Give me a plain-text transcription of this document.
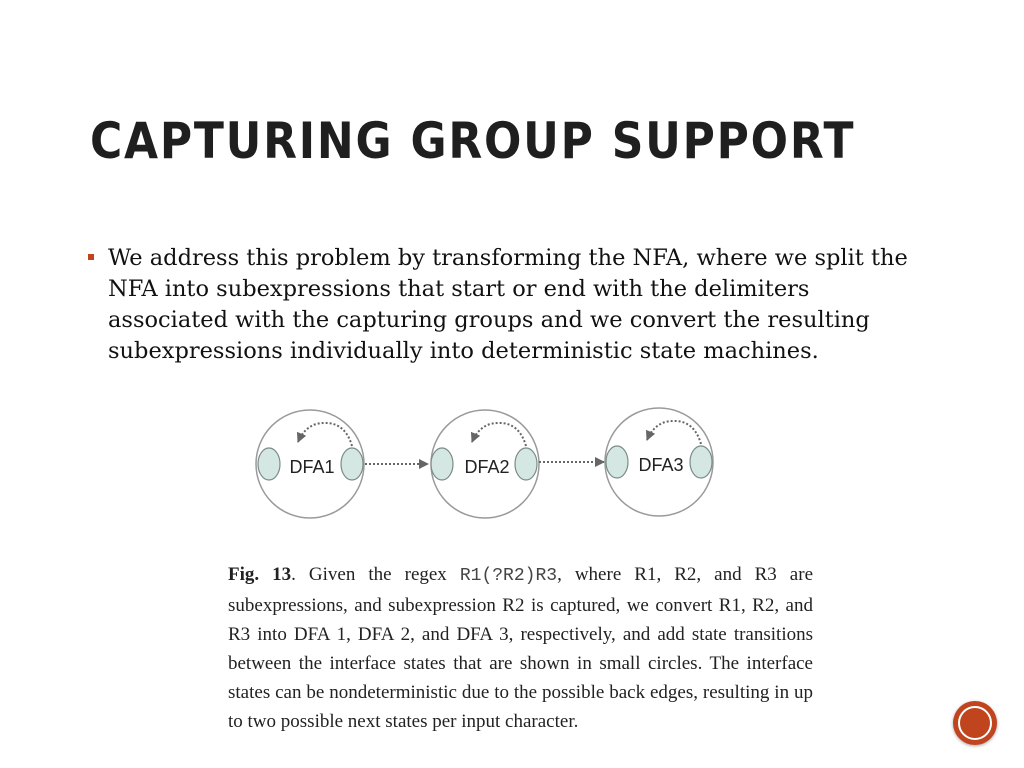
CAPTURING GROUP SUPPORT

We address this problem by transforming the NFA, where we split the NFA into subexpressions that start or end with the delimiters associated with the capturing groups and we convert the resulting subexpressions individually into deterministic state machines.

DFA1	DFA2	DFA3

Fig. 13. Given the regex R1(?R2)R3, where R1, R2, and R3 are subexpressions, and subexpression R2 is captured, we convert R1, R2, and R3 into DFA 1, DFA 2, and DFA 3, respectively, and add state transitions between the interface states that are shown in small circles. The interface states can be nondeterministic due to the possible back edges, resulting in up to two possible next states per input character.
